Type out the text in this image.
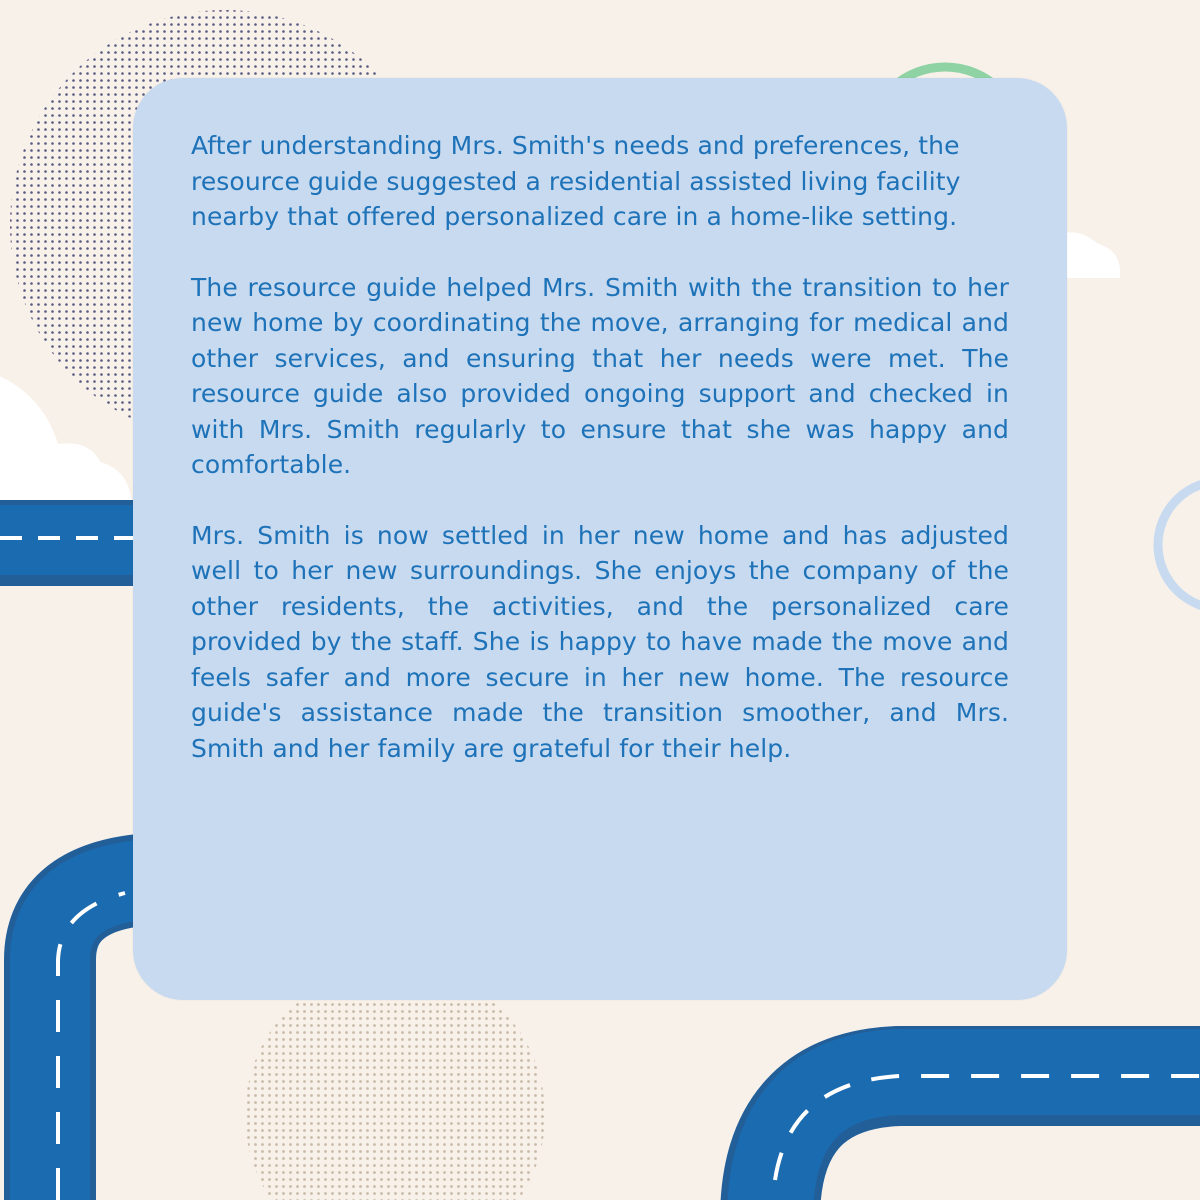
After understanding Mrs. Smith's needs and preferences, the resource guide suggested a residential assisted living facility nearby that offered personalized care in a home-like setting.

The resource guide helped Mrs. Smith with the transition to her new home by coordinating the move, arranging for medical and other services, and ensuring that her needs were met. The resource guide also provided ongoing support and checked in with Mrs. Smith regularly to ensure that she was happy and comfortable.

Mrs. Smith is now settled in her new home and has adjusted well to her new surroundings. She enjoys the company of the other residents, the activities, and the personalized care provided by the staff. She is happy to have made the move and feels safer and more secure in her new home. The resource guide's assistance made the transition smoother, and Mrs. Smith and her family are grateful for their help.
